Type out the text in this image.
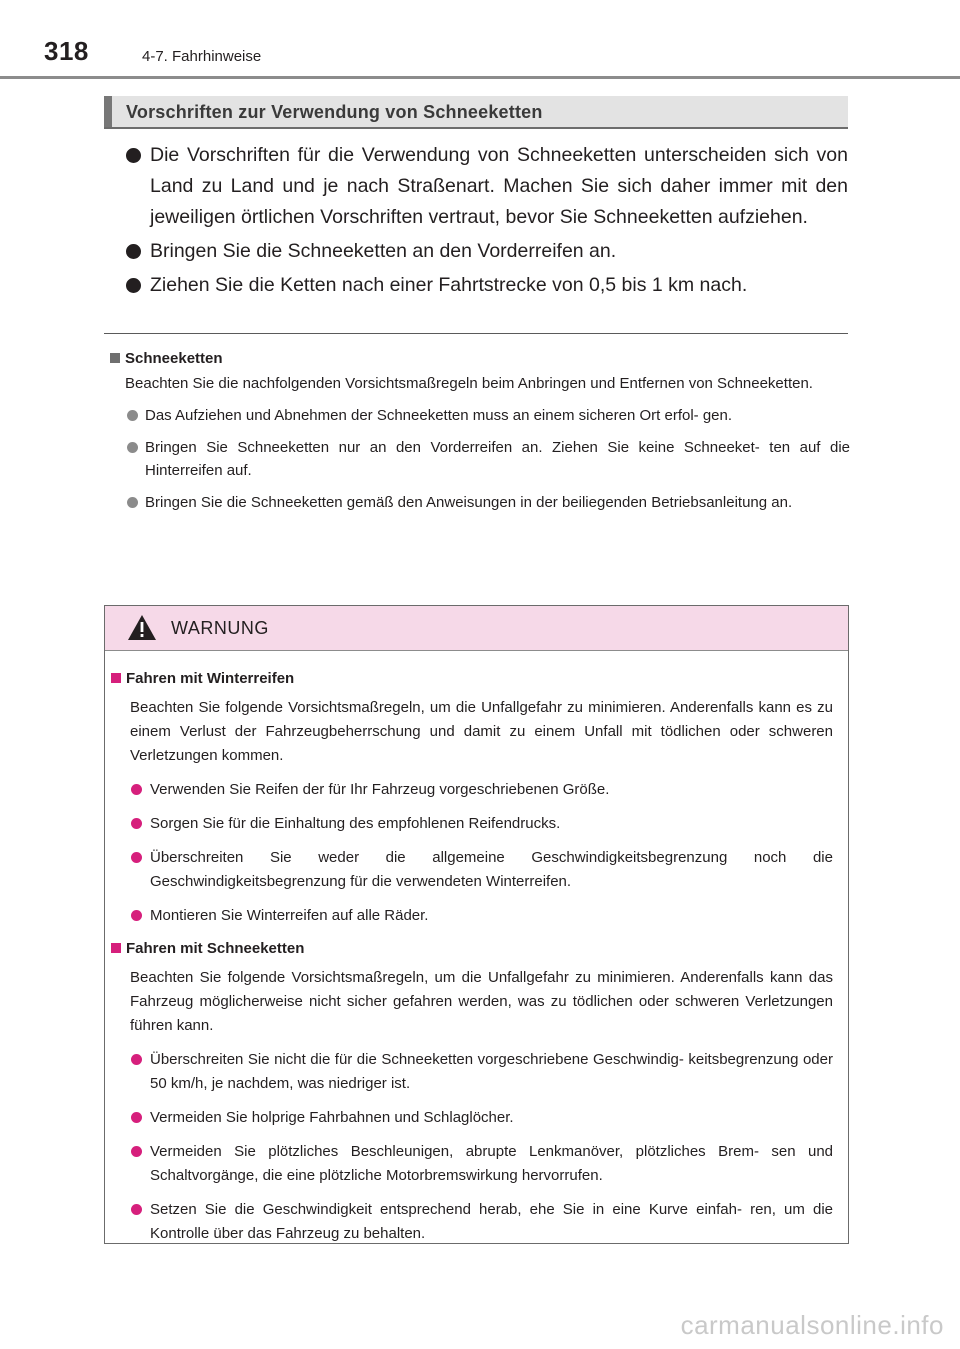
318	4-7. Fahrhinweise
Vorschriften zur Verwendung von Schneeketten
Die Vorschriften für die Verwendung von Schneeketten unterscheiden sich von Land zu Land und je nach Straßenart. Machen Sie sich daher immer mit den jeweiligen örtlichen Vorschriften vertraut, bevor Sie Schneeketten aufziehen.
Bringen Sie die Schneeketten an den Vorderreifen an.
Ziehen Sie die Ketten nach einer Fahrtstrecke von 0,5 bis 1 km nach.
Schneeketten
Beachten Sie die nachfolgenden Vorsichtsmaßregeln beim Anbringen und Entfernen von Schneeketten.
Das Aufziehen und Abnehmen der Schneeketten muss an einem sicheren Ort erfol- gen.
Bringen Sie Schneeketten nur an den Vorderreifen an. Ziehen Sie keine Schneeket- ten auf die Hinterreifen auf.
Bringen Sie die Schneeketten gemäß den Anweisungen in der beiliegenden Betriebsanleitung an.
WARNUNG
Fahren mit Winterreifen
Beachten Sie folgende Vorsichtsmaßregeln, um die Unfallgefahr zu minimieren. Anderenfalls kann es zu einem Verlust der Fahrzeugbeherrschung und damit zu einem Unfall mit tödlichen oder schweren Verletzungen kommen.
Verwenden Sie Reifen der für Ihr Fahrzeug vorgeschriebenen Größe.
Sorgen Sie für die Einhaltung des empfohlenen Reifendrucks.
Überschreiten Sie weder die allgemeine Geschwindigkeitsbegrenzung noch die Geschwindigkeitsbegrenzung für die verwendeten Winterreifen.
Montieren Sie Winterreifen auf alle Räder.
Fahren mit Schneeketten
Beachten Sie folgende Vorsichtsmaßregeln, um die Unfallgefahr zu minimieren. Anderenfalls kann das Fahrzeug möglicherweise nicht sicher gefahren werden, was zu tödlichen oder schweren Verletzungen führen kann.
Überschreiten Sie nicht die für die Schneeketten vorgeschriebene Geschwindig- keitsbegrenzung oder 50 km/h, je nachdem, was niedriger ist.
Vermeiden Sie holprige Fahrbahnen und Schlaglöcher.
Vermeiden Sie plötzliches Beschleunigen, abrupte Lenkmanöver, plötzliches Brem- sen und Schaltvorgänge, die eine plötzliche Motorbremswirkung hervorrufen.
Setzen Sie die Geschwindigkeit entsprechend herab, ehe Sie in eine Kurve einfah- ren, um die Kontrolle über das Fahrzeug zu behalten.
carmanualsonline.info
